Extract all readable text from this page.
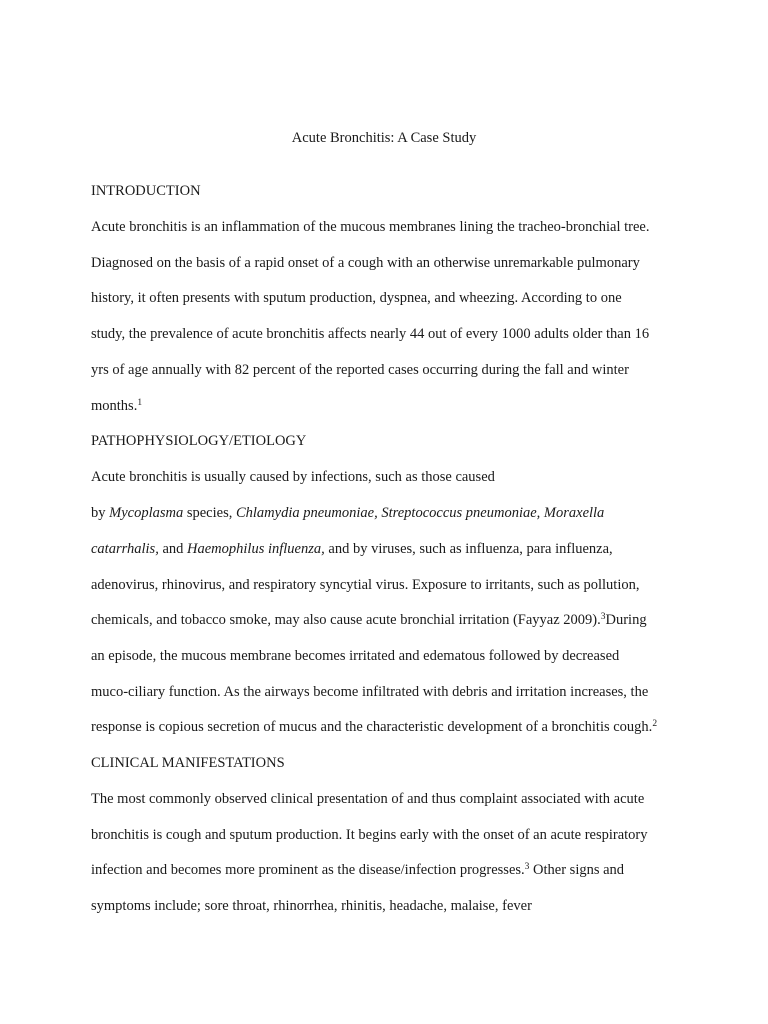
Acute Bronchitis: A Case Study
INTRODUCTION
Acute bronchitis is an inflammation of the mucous membranes lining the tracheo-bronchial tree.
Diagnosed on the basis of a rapid onset of a cough with an otherwise unremarkable pulmonary
history, it often presents with sputum production, dyspnea, and wheezing. According to one
study, the prevalence of acute bronchitis affects nearly 44 out of every 1000 adults older than 16
yrs of age annually with 82 percent of the reported cases occurring during the fall and winter
months.$^1$
PATHOPHYSIOLOGY/ETIOLOGY
Acute bronchitis is usually caused by infections, such as those caused
by Mycoplasma species, Chlamydia pneumoniae, Streptococcus pneumoniae, Moraxella
catarrhalis, and Haemophilus influenza, and by viruses, such as influenza, para influenza,
adenovirus, rhinovirus, and respiratory syncytial virus. Exposure to irritants, such as pollution,
chemicals, and tobacco smoke, may also cause acute bronchial irritation (Fayyaz 2009).$^3$During
an episode, the mucous membrane becomes irritated and edematous followed by decreased
muco-ciliary function. As the airways become infiltrated with debris and irritation increases, the
response is copious secretion of mucus and the characteristic development of a bronchitis cough.$^2$
CLINICAL MANIFESTATIONS
The most commonly observed clinical presentation of and thus complaint associated with acute
bronchitis is cough and sputum production. It begins early with the onset of an acute respiratory
infection and becomes more prominent as the disease/infection progresses.$^3$ Other signs and
symptoms include; sore throat, rhinorrhea, rhinitis, headache, malaise, fever
